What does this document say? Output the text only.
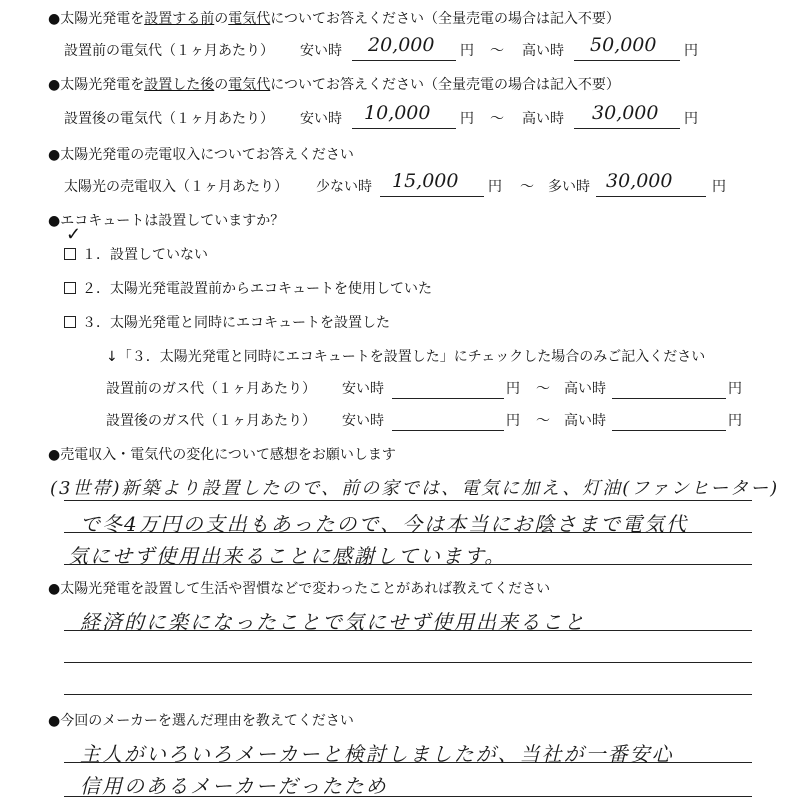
●太陽光発電を設置する前の電気代についてお答えください（全量売電の場合は記入不要）
設置前の電気代（１ヶ月あたり） 安い時 20,000 円 ～ 高い時 50,000 円
●太陽光発電を設置した後の電気代についてお答えください（全量売電の場合は記入不要）
設置後の電気代（１ヶ月あたり） 安い時 10,000 円 ～ 高い時 30,000 円
●太陽光発電の売電収入についてお答えください
太陽光の売電収入（１ヶ月あたり） 少ない時 15,000 円 ～ 多い時 30,000	円
●エコキュートは設置していますか？
１．設置していない
✓
２．太陽光発電設置前からエコキュートを使用していた
３．太陽光発電と同時にエコキュートを設置した
↓「３．太陽光発電と同時にエコキュートを設置した」にチェックした場合のみご記入ください
設置前のガス代（１ヶ月あたり） 安い時	円 ～ 高い時	円
設置後のガス代（１ヶ月あたり） 安い時	円 ～ 高い時	円
●売電収入・電気代の変化について感想をお願いします
(3世帯)新築より設置したので、前の家では、電気に加え、灯油(ファンヒーター)
で冬4万円の支出もあったので、今は本当にお陰さまで電気代
気にせず使用出来ることに感謝しています。
●太陽光発電を設置して生活や習慣などで変わったことがあれば教えてください
経済的に楽になったことで気にせず使用出来ること
●今回のメーカーを選んだ理由を教えてください
主人がいろいろメーカーと検討しましたが、当社が一番安心
信用のあるメーカーだったため
